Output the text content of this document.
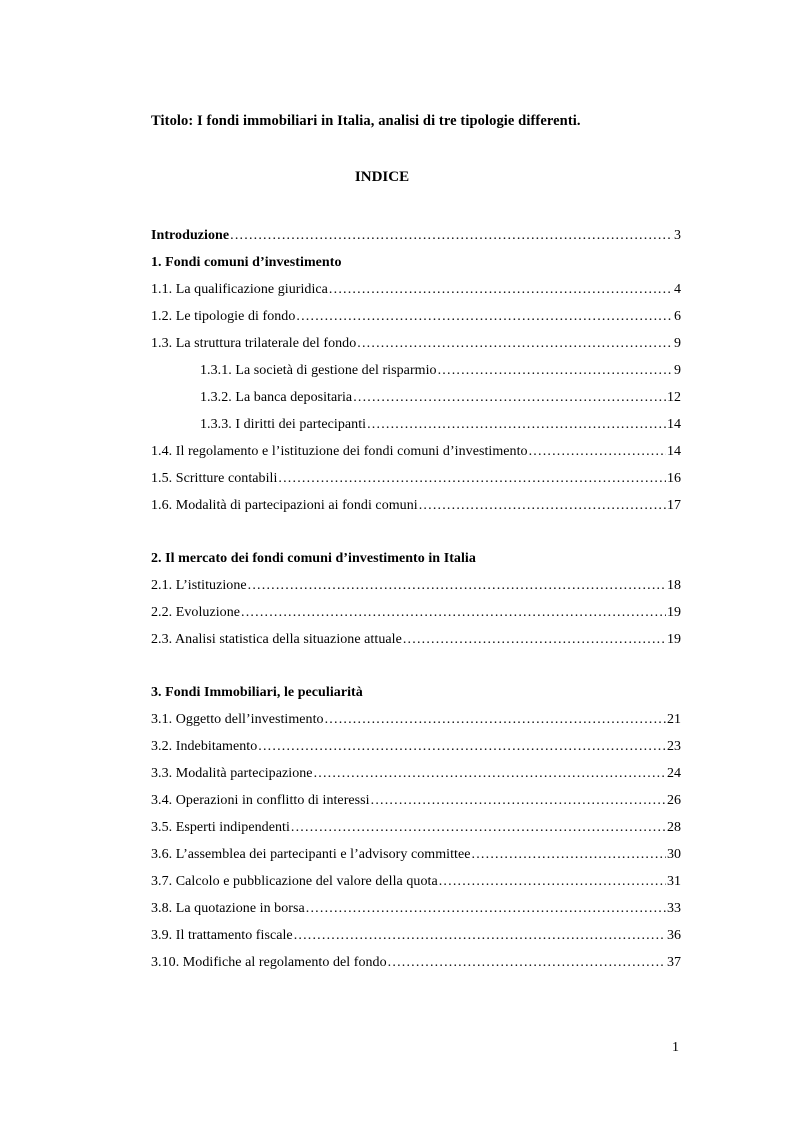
Titolo: I fondi immobiliari in Italia, analisi di tre tipologie differenti.
INDICE
Introduzione .....	3
1. Fondi comuni d’investimento
1.1. La qualificazione giuridica .....	4
1.2. Le tipologie di fondo .....	6
1.3. La struttura trilaterale del fondo .....	9
1.3.1. La società di gestione del risparmio .....	9
1.3.2. La banca depositaria .....	12
1.3.3. I diritti dei partecipanti .....	14
1.4. Il regolamento e l’istituzione dei fondi comuni d’investimento .....	14
1.5. Scritture contabili .....	16
1.6. Modalità di partecipazioni ai fondi comuni .....	17
2. Il mercato dei fondi comuni d’investimento in Italia
2.1. L’istituzione .....	18
2.2. Evoluzione .....	19
2.3. Analisi statistica della situazione attuale .....	19
3. Fondi Immobiliari, le peculiarità
3.1. Oggetto dell’investimento .....	21
3.2. Indebitamento .....	23
3.3. Modalità partecipazione .....	24
3.4. Operazioni in conflitto di interessi .....	26
3.5. Esperti indipendenti .....	28
3.6. L’assemblea dei partecipanti e l’advisory committee .....	30
3.7. Calcolo e pubblicazione del valore della quota .....	31
3.8. La quotazione in borsa .....	33
3.9. Il trattamento fiscale .....	36
3.10. Modifiche al regolamento del fondo .....	37
1
